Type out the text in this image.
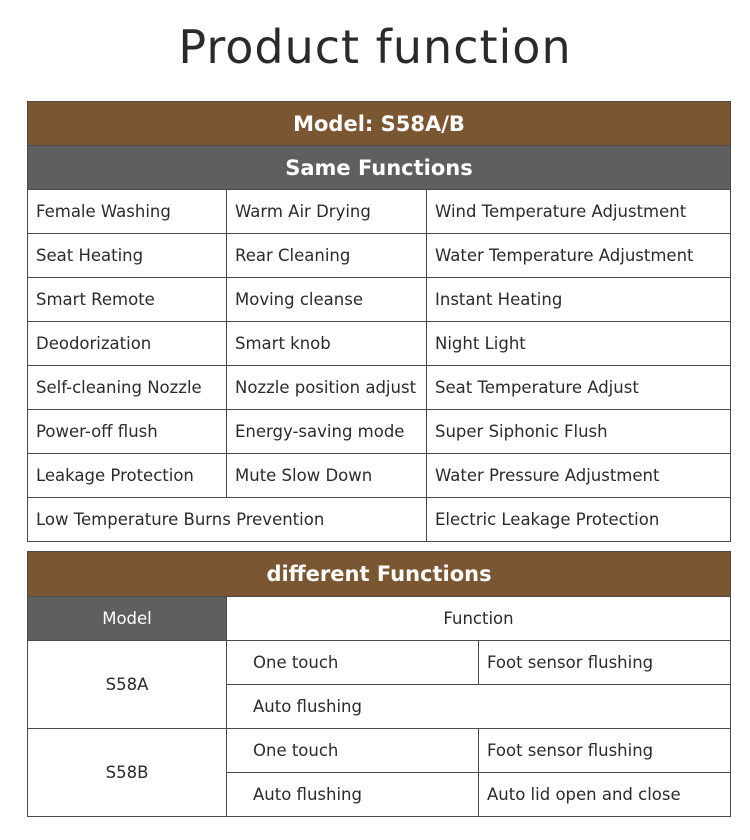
Product function
Model: S58A/B		
Same Functions		
Female Washing	Warm Air Drying	Wind Temperature Adjustment
Seat Heating	Rear Cleaning	Water Temperature Adjustment
Smart Remote	Moving cleanse	Instant Heating
Deodorization	Smart knob	Night Light
Self-cleaning Nozzle	Nozzle position adjust	Seat Temperature Adjust
Power-off flush	Energy-saving mode	Super Siphonic Flush
Leakage Protection	Mute Slow Down	Water Pressure Adjustment
Low Temperature Burns Prevention		Electric Leakage Protection
different Functions		
Model	Function	
S58A	One touch	Foot sensor flushing
	Auto flushing	
S58B	One touch	Foot sensor flushing
	Auto flushing	Auto lid open and close
